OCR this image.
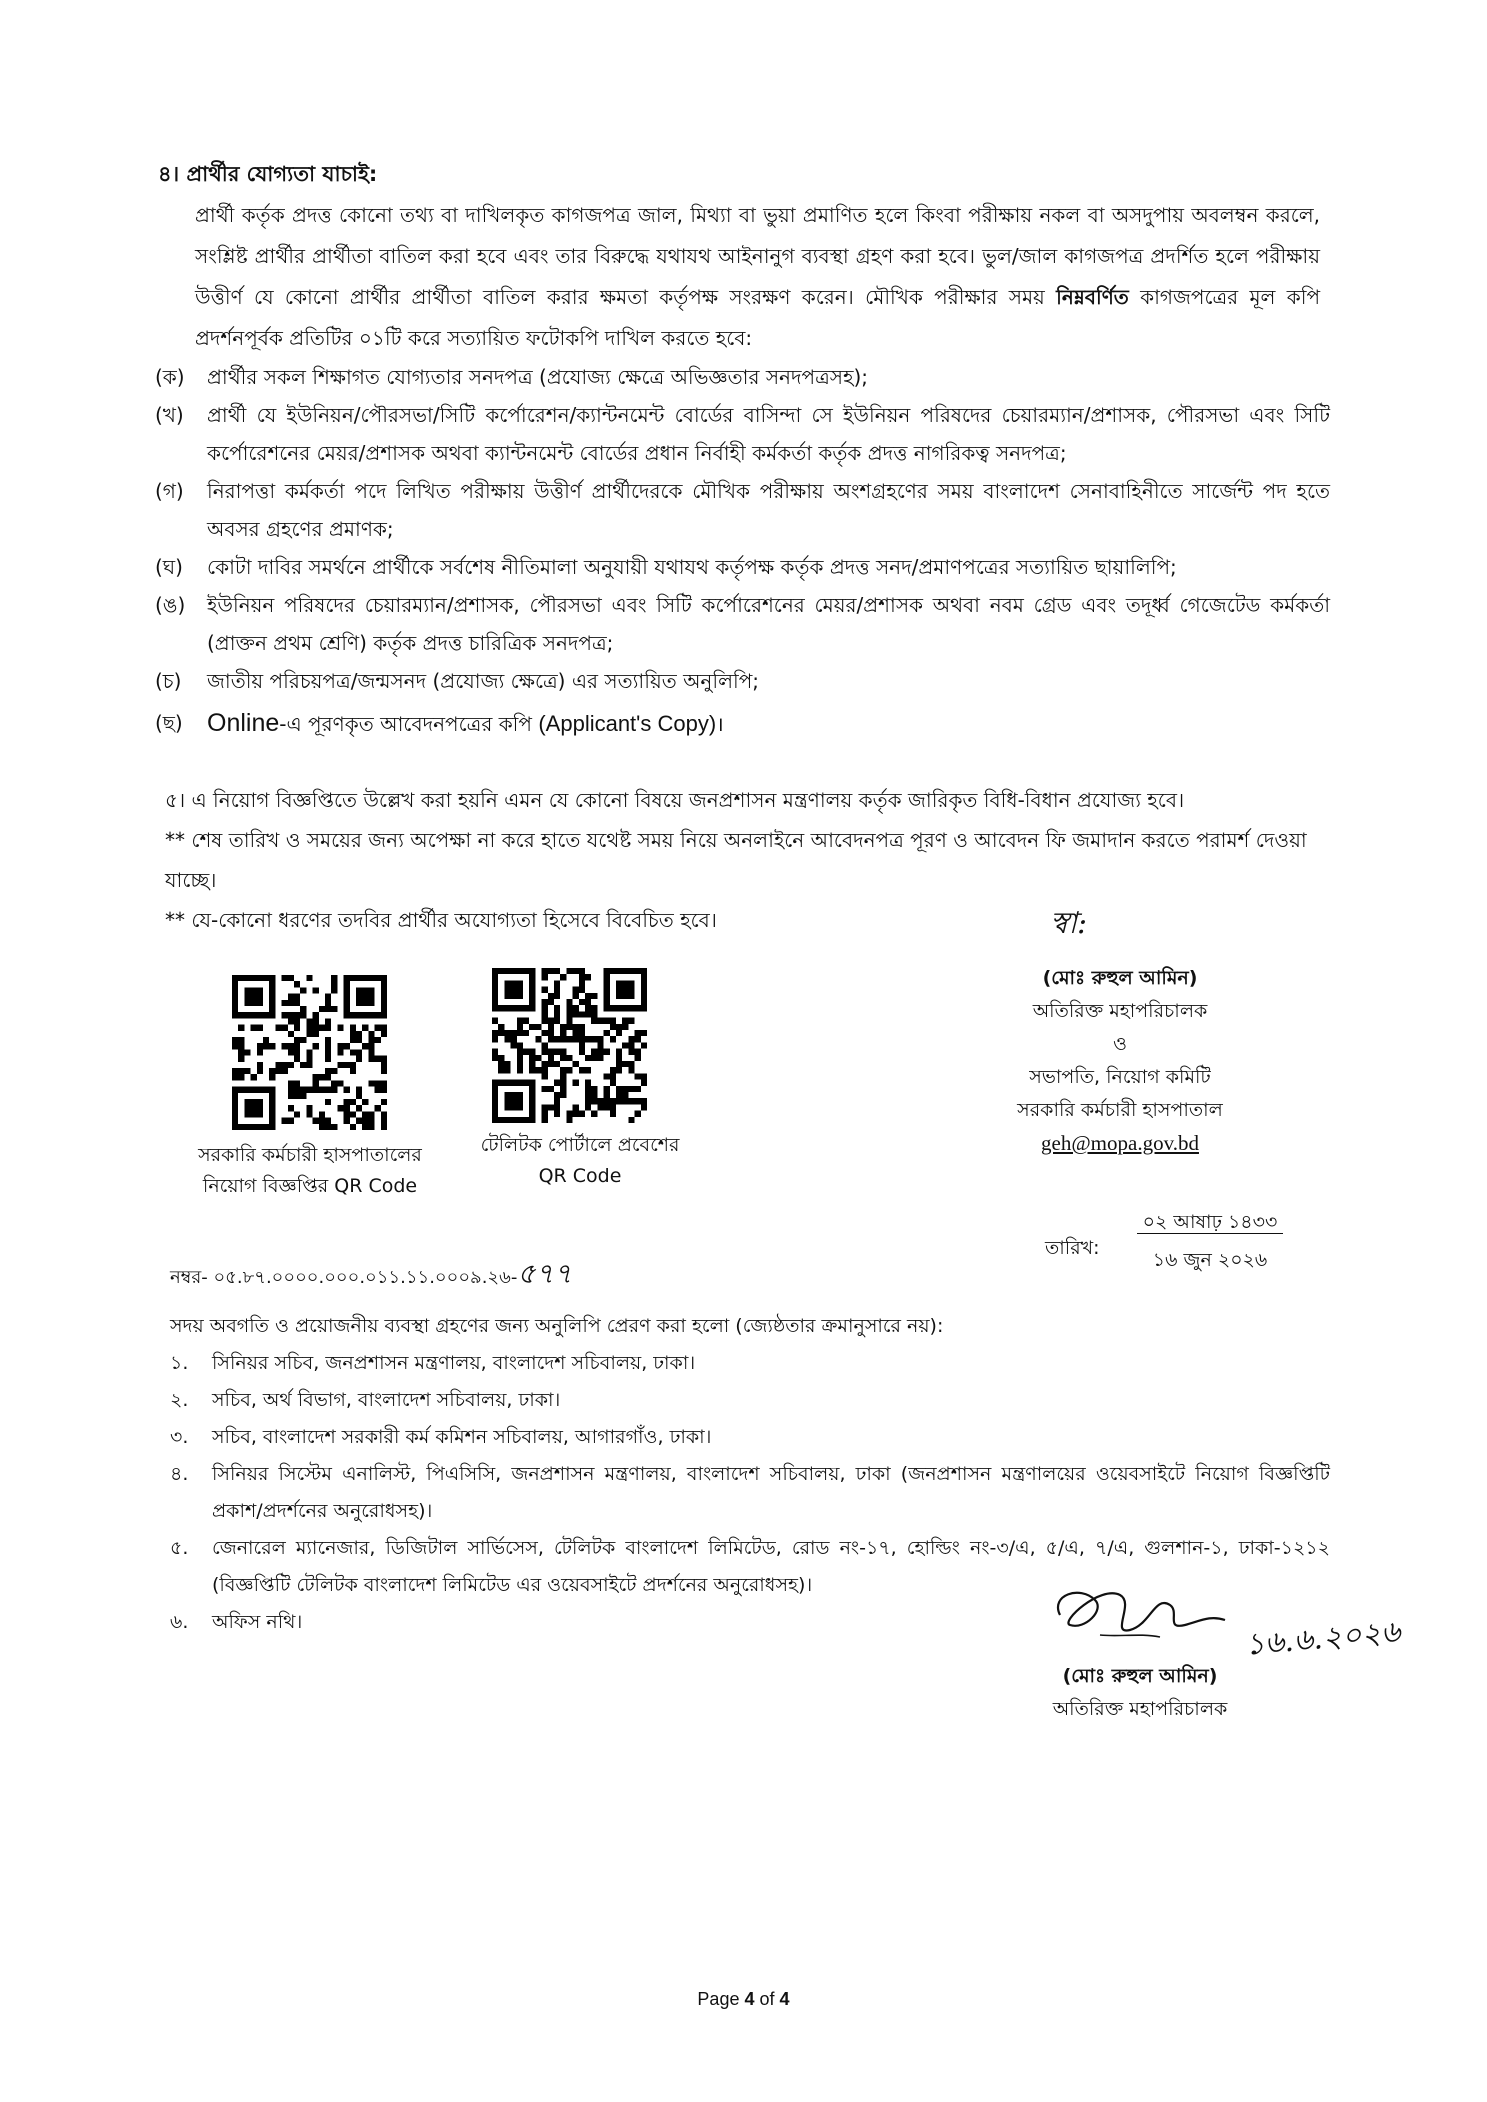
৪। প্রার্থীর যোগ্যতা যাচাই:
প্রার্থী কর্তৃক প্রদত্ত কোনো তথ্য বা দাখিলকৃত কাগজপত্র জাল, মিথ্যা বা ভুয়া প্রমাণিত হলে কিংবা পরীক্ষায় নকল বা অসদুপায় অবলম্বন করলে, সংশ্লিষ্ট প্রার্থীর প্রার্থীতা বাতিল করা হবে এবং তার বিরুদ্ধে যথাযথ আইনানুগ ব্যবস্থা গ্রহণ করা হবে। ভুল/জাল কাগজপত্র প্রদর্শিত হলে পরীক্ষায় উত্তীর্ণ যে কোনো প্রার্থীর প্রার্থীতা বাতিল করার ক্ষমতা কর্তৃপক্ষ সংরক্ষণ করেন। মৌখিক পরীক্ষার সময় নিম্নবর্ণিত কাগজপত্রের মূল কপি প্রদর্শনপূর্বক প্রতিটির ০১টি করে সত্যায়িত ফটোকপি দাখিল করতে হবে:
(ক)	প্রার্থীর সকল শিক্ষাগত যোগ্যতার সনদপত্র (প্রযোজ্য ক্ষেত্রে অভিজ্ঞতার সনদপত্রসহ);
(খ)	প্রার্থী যে ইউনিয়ন/পৌরসভা/সিটি কর্পোরেশন/ক্যান্টনমেন্ট বোর্ডের বাসিন্দা সে ইউনিয়ন পরিষদের চেয়ারম্যান/প্রশাসক, পৌরসভা এবং সিটি কর্পোরেশনের মেয়র/প্রশাসক অথবা ক্যান্টনমেন্ট বোর্ডের প্রধান নির্বাহী কর্মকর্তা কর্তৃক প্রদত্ত নাগরিকত্ব সনদপত্র;
(গ)	নিরাপত্তা কর্মকর্তা পদে লিখিত পরীক্ষায় উত্তীর্ণ প্রার্থীদেরকে মৌখিক পরীক্ষায় অংশগ্রহণের সময় বাংলাদেশ সেনাবাহিনীতে সার্জেন্ট পদ হতে অবসর গ্রহণের প্রমাণক;
(ঘ)	কোটা দাবির সমর্থনে প্রার্থীকে সর্বশেষ নীতিমালা অনুযায়ী যথাযথ কর্তৃপক্ষ কর্তৃক প্রদত্ত সনদ/প্রমাণপত্রের সত্যায়িত ছায়ালিপি;
(ঙ)	ইউনিয়ন পরিষদের চেয়ারম্যান/প্রশাসক, পৌরসভা এবং সিটি কর্পোরেশনের মেয়র/প্রশাসক অথবা নবম গ্রেড এবং তদূর্ধ্ব গেজেটেড কর্মকর্তা (প্রাক্তন প্রথম শ্রেণি) কর্তৃক প্রদত্ত চারিত্রিক সনদপত্র;
(চ)	জাতীয় পরিচয়পত্র/জন্মসনদ (প্রযোজ্য ক্ষেত্রে) এর সত্যায়িত অনুলিপি;
(ছ) Online-এ পূরণকৃত আবেদনপত্রের কপি (Applicant's Copy)।
৫। এ নিয়োগ বিজ্ঞপ্তিতে উল্লেখ করা হয়নি এমন যে কোনো বিষয়ে জনপ্রশাসন মন্ত্রণালয় কর্তৃক জারিকৃত বিধি-বিধান প্রযোজ্য হবে।
** শেষ তারিখ ও সময়ের জন্য অপেক্ষা না করে হাতে যথেষ্ট সময় নিয়ে অনলাইনে আবেদনপত্র পূরণ ও আবেদন ফি জমাদান করতে পরামর্শ দেওয়া যাচ্ছে।
** যে-কোনো ধরণের তদবির প্রার্থীর অযোগ্যতা হিসেবে বিবেচিত হবে।
সরকারি কর্মচারী হাসপাতালের
নিয়োগ বিজ্ঞপ্তির QR Code
টেলিটক পোর্টালে প্রবেশের
QR Code
স্বা:
(মোঃ রুহুল আমিন)
অতিরিক্ত মহাপরিচালক
ও
সভাপতি, নিয়োগ কমিটি
সরকারি কর্মচারী হাসপাতাল
geh@mopa.gov.bd
নম্বর- ০৫.৮৭.০০০০.০০০.০১১.১১.০০০৯.২৬-৫৭৭
তারিখ:
০২ আষাঢ় ১৪৩৩
১৬ জুন ২০২৬
সদয় অবগতি ও প্রয়োজনীয় ব্যবস্থা গ্রহণের জন্য অনুলিপি প্রেরণ করা হলো (জ্যেষ্ঠতার ক্রমানুসারে নয়):
১.	সিনিয়র সচিব, জনপ্রশাসন মন্ত্রণালয়, বাংলাদেশ সচিবালয়, ঢাকা।
২.	সচিব, অর্থ বিভাগ, বাংলাদেশ সচিবালয়, ঢাকা।
৩.	সচিব, বাংলাদেশ সরকারী কর্ম কমিশন সচিবালয়, আগারগাঁও, ঢাকা।
৪.	সিনিয়র সিস্টেম এনালিস্ট, পিএসিসি, জনপ্রশাসন মন্ত্রণালয়, বাংলাদেশ সচিবালয়, ঢাকা (জনপ্রশাসন মন্ত্রণালয়ের ওয়েবসাইটে নিয়োগ বিজ্ঞপ্তিটি প্রকাশ/প্রদর্শনের অনুরোধসহ)।
৫.	জেনারেল ম্যানেজার, ডিজিটাল সার্ভিসেস, টেলিটক বাংলাদেশ লিমিটেড, রোড নং-১৭, হোল্ডিং নং-৩/এ, ৫/এ, ৭/এ, গুলশান-১, ঢাকা-১২১২ (বিজ্ঞপ্তিটি টেলিটক বাংলাদেশ লিমিটেড এর ওয়েবসাইটে প্রদর্শনের অনুরোধসহ)।
৬.	অফিস নথি।	১৬.৬.২০২৬
(মোঃ রুহুল আমিন)
অতিরিক্ত মহাপরিচালক
Page 4 of 4
